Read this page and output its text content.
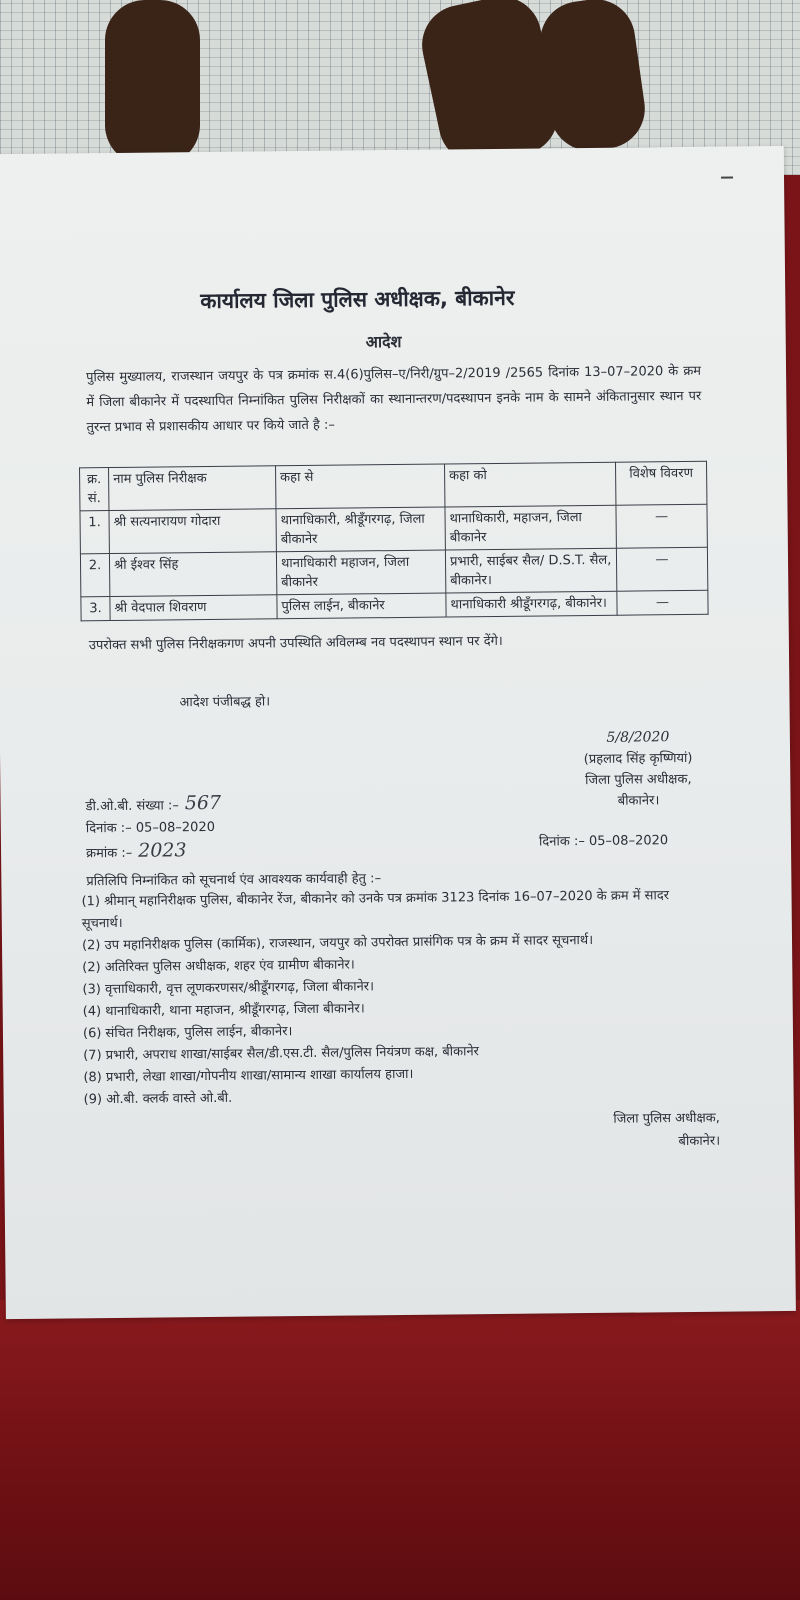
कार्यालय जिला पुलिस अधीक्षक, बीकानेर
आदेश
पुलिस मुख्यालय, राजस्थान जयपुर के पत्र क्रमांक स.4(6)पुलिस–ए/निरी/ग्रुप–2/2019 /2565 दिनांक 13–07–2020 के क्रम में जिला बीकानेर में पदस्थापित निम्नांकित पुलिस निरीक्षकों का स्थानान्तरण/पदस्थापन इनके नाम के सामने अंकितानुसार स्थान पर तुरन्त प्रभाव से प्रशासकीय आधार पर किये जाते है :–
क्र. सं.	नाम पुलिस निरीक्षक	कहा से	कहा को	विशेष विवरण
1.	श्री सत्यनारायण गोदारा	थानाधिकारी, श्रीडूँगरगढ़, जिला बीकानेर	थानाधिकारी, महाजन, जिला बीकानेर	—
2.	श्री ईश्वर सिंह	थानाधिकारी महाजन, जिला बीकानेर	प्रभारी, साईबर सैल/ D.S.T. सैल, बीकानेर।	—
3.	श्री वेदपाल शिवराण	पुलिस लाईन, बीकानेर	थानाधिकारी श्रीडूँगरगढ़, बीकानेर।	—
उपरोक्त सभी पुलिस निरीक्षकगण अपनी उपस्थिति अविलम्ब नव पदस्थापन स्थान पर देंगे।
आदेश पंजीबद्ध हो।
5/8/2020
(प्रहलाद सिंह कृष्णियां)
जिला पुलिस अधीक्षक,
बीकानेर।
डी.ओ.बी. संख्या :– 567
दिनांक :– 05–08–2020
क्रमांक :– 2023	दिनांक :– 05–08–2020
प्रतिलिपि निम्नांकित को सूचनार्थ एंव आवश्यक कार्यवाही हेतु :–
(1) श्रीमान् महानिरीक्षक पुलिस, बीकानेर रेंज, बीकानेर को उनके पत्र क्रमांक 3123 दिनांक 16–07–2020 के क्रम में सादर सूचनार्थ।
(2) उप महानिरीक्षक पुलिस (कार्मिक), राजस्थान, जयपुर को उपरोक्त प्रासंगिक पत्र के क्रम में सादर सूचनार्थ।
(2) अतिरिक्त पुलिस अधीक्षक, शहर एंव ग्रामीण बीकानेर।
(3) वृत्ताधिकारी, वृत्त लूणकरणसर/श्रीडूँगरगढ़, जिला बीकानेर।
(4) थानाधिकारी, थाना महाजन, श्रीडूँगरगढ़, जिला बीकानेर।
(6) संचित निरीक्षक, पुलिस लाईन, बीकानेर।
(7) प्रभारी, अपराध शाखा/साईबर सैल/डी.एस.टी. सैल/पुलिस नियंत्रण कक्ष, बीकानेर
(8) प्रभारी, लेखा शाखा/गोपनीय शाखा/सामान्य शाखा कार्यालय हाजा।
(9) ओ.बी. क्लर्क वास्ते ओ.बी.
जिला पुलिस अधीक्षक,
बीकानेर।
